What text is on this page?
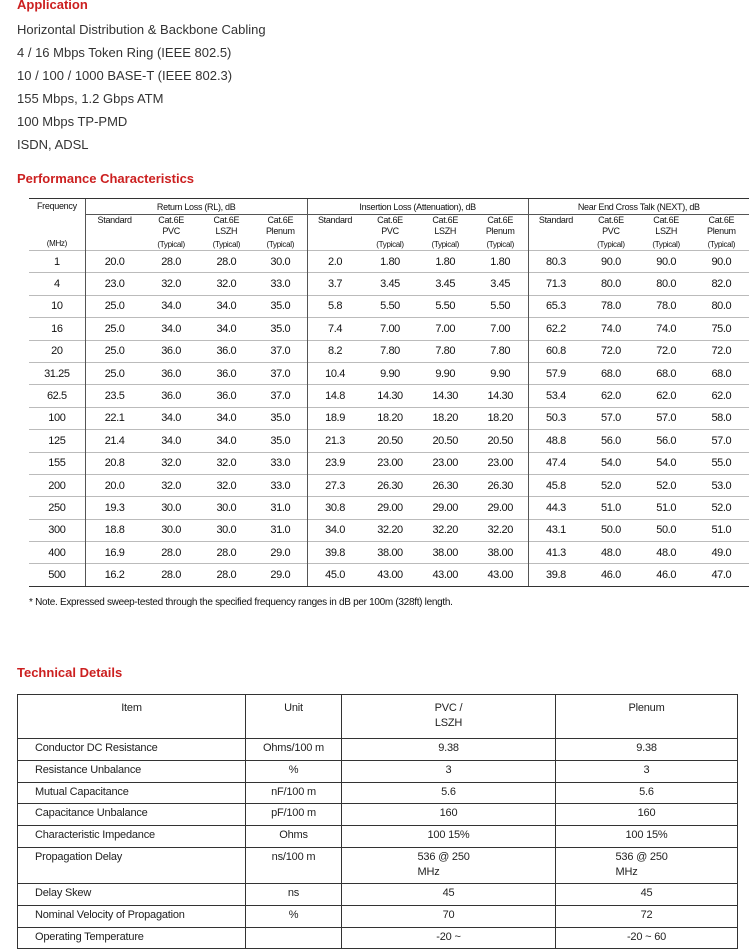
Application
Horizontal Distribution & Backbone Cabling
4 / 16 Mbps Token Ring (IEEE 802.5)
10 / 100 / 1000 BASE-T (IEEE 802.3)
155 Mbps, 1.2 Gbps ATM
100 Mbps TP-PMD
ISDN, ADSL
Performance Characteristics
Frequency
(MHz)	Return Loss (RL), dB				Insertion Loss (Attenuation), dB				Near End Cross Talk (NEXT), dB			
	Standard	Cat.6E PVC	Cat.6E LSZH	Cat.6E Plenum	Standard	Cat.6E PVC	Cat.6E LSZH	Cat.6E Plenum	Standard	Cat.6E PVC	Cat.6E LSZH	Cat.6E Plenum
		(Typical)	(Typical)	(Typical)		(Typical)	(Typical)	(Typical)		(Typical)	(Typical)	(Typical)
1	20.0	28.0	28.0	30.0	2.0	1.80	1.80	1.80	80.3	90.0	90.0	90.0
4	23.0	32.0	32.0	33.0	3.7	3.45	3.45	3.45	71.3	80.0	80.0	82.0
10	25.0	34.0	34.0	35.0	5.8	5.50	5.50	5.50	65.3	78.0	78.0	80.0
16	25.0	34.0	34.0	35.0	7.4	7.00	7.00	7.00	62.2	74.0	74.0	75.0
20	25.0	36.0	36.0	37.0	8.2	7.80	7.80	7.80	60.8	72.0	72.0	72.0
31.25	25.0	36.0	36.0	37.0	10.4	9.90	9.90	9.90	57.9	68.0	68.0	68.0
62.5	23.5	36.0	36.0	37.0	14.8	14.30	14.30	14.30	53.4	62.0	62.0	62.0
100	22.1	34.0	34.0	35.0	18.9	18.20	18.20	18.20	50.3	57.0	57.0	58.0
125	21.4	34.0	34.0	35.0	21.3	20.50	20.50	20.50	48.8	56.0	56.0	57.0
155	20.8	32.0	32.0	33.0	23.9	23.00	23.00	23.00	47.4	54.0	54.0	55.0
200	20.0	32.0	32.0	33.0	27.3	26.30	26.30	26.30	45.8	52.0	52.0	53.0
250	19.3	30.0	30.0	31.0	30.8	29.00	29.00	29.00	44.3	51.0	51.0	52.0
300	18.8	30.0	30.0	31.0	34.0	32.20	32.20	32.20	43.1	50.0	50.0	51.0
400	16.9	28.0	28.0	29.0	39.8	38.00	38.00	38.00	41.3	48.0	48.0	49.0
500	16.2	28.0	28.0	29.0	45.0	43.00	43.00	43.00	39.8	46.0	46.0	47.0
* Note. Expressed sweep-tested through the specified frequency ranges in dB per 100m (328ft) length.
Technical Details
Item	Unit	PVC / LSZH	Plenum
Conductor DC Resistance	Ohms/100 m	9.38	9.38
Resistance Unbalance	%	3	3
Mutual Capacitance	nF/100 m	5.6	5.6
Capacitance Unbalance	pF/100 m	160	160
Characteristic Impedance	Ohms	100 15%	100 15%
Propagation Delay	ns/100 m	536 @ 250 MHz	536 @ 250 MHz
Delay Skew	ns	45	45
Nominal Velocity of Propagation	%	70	72
Operating Temperature		-20 ~	-20 ~ 60
